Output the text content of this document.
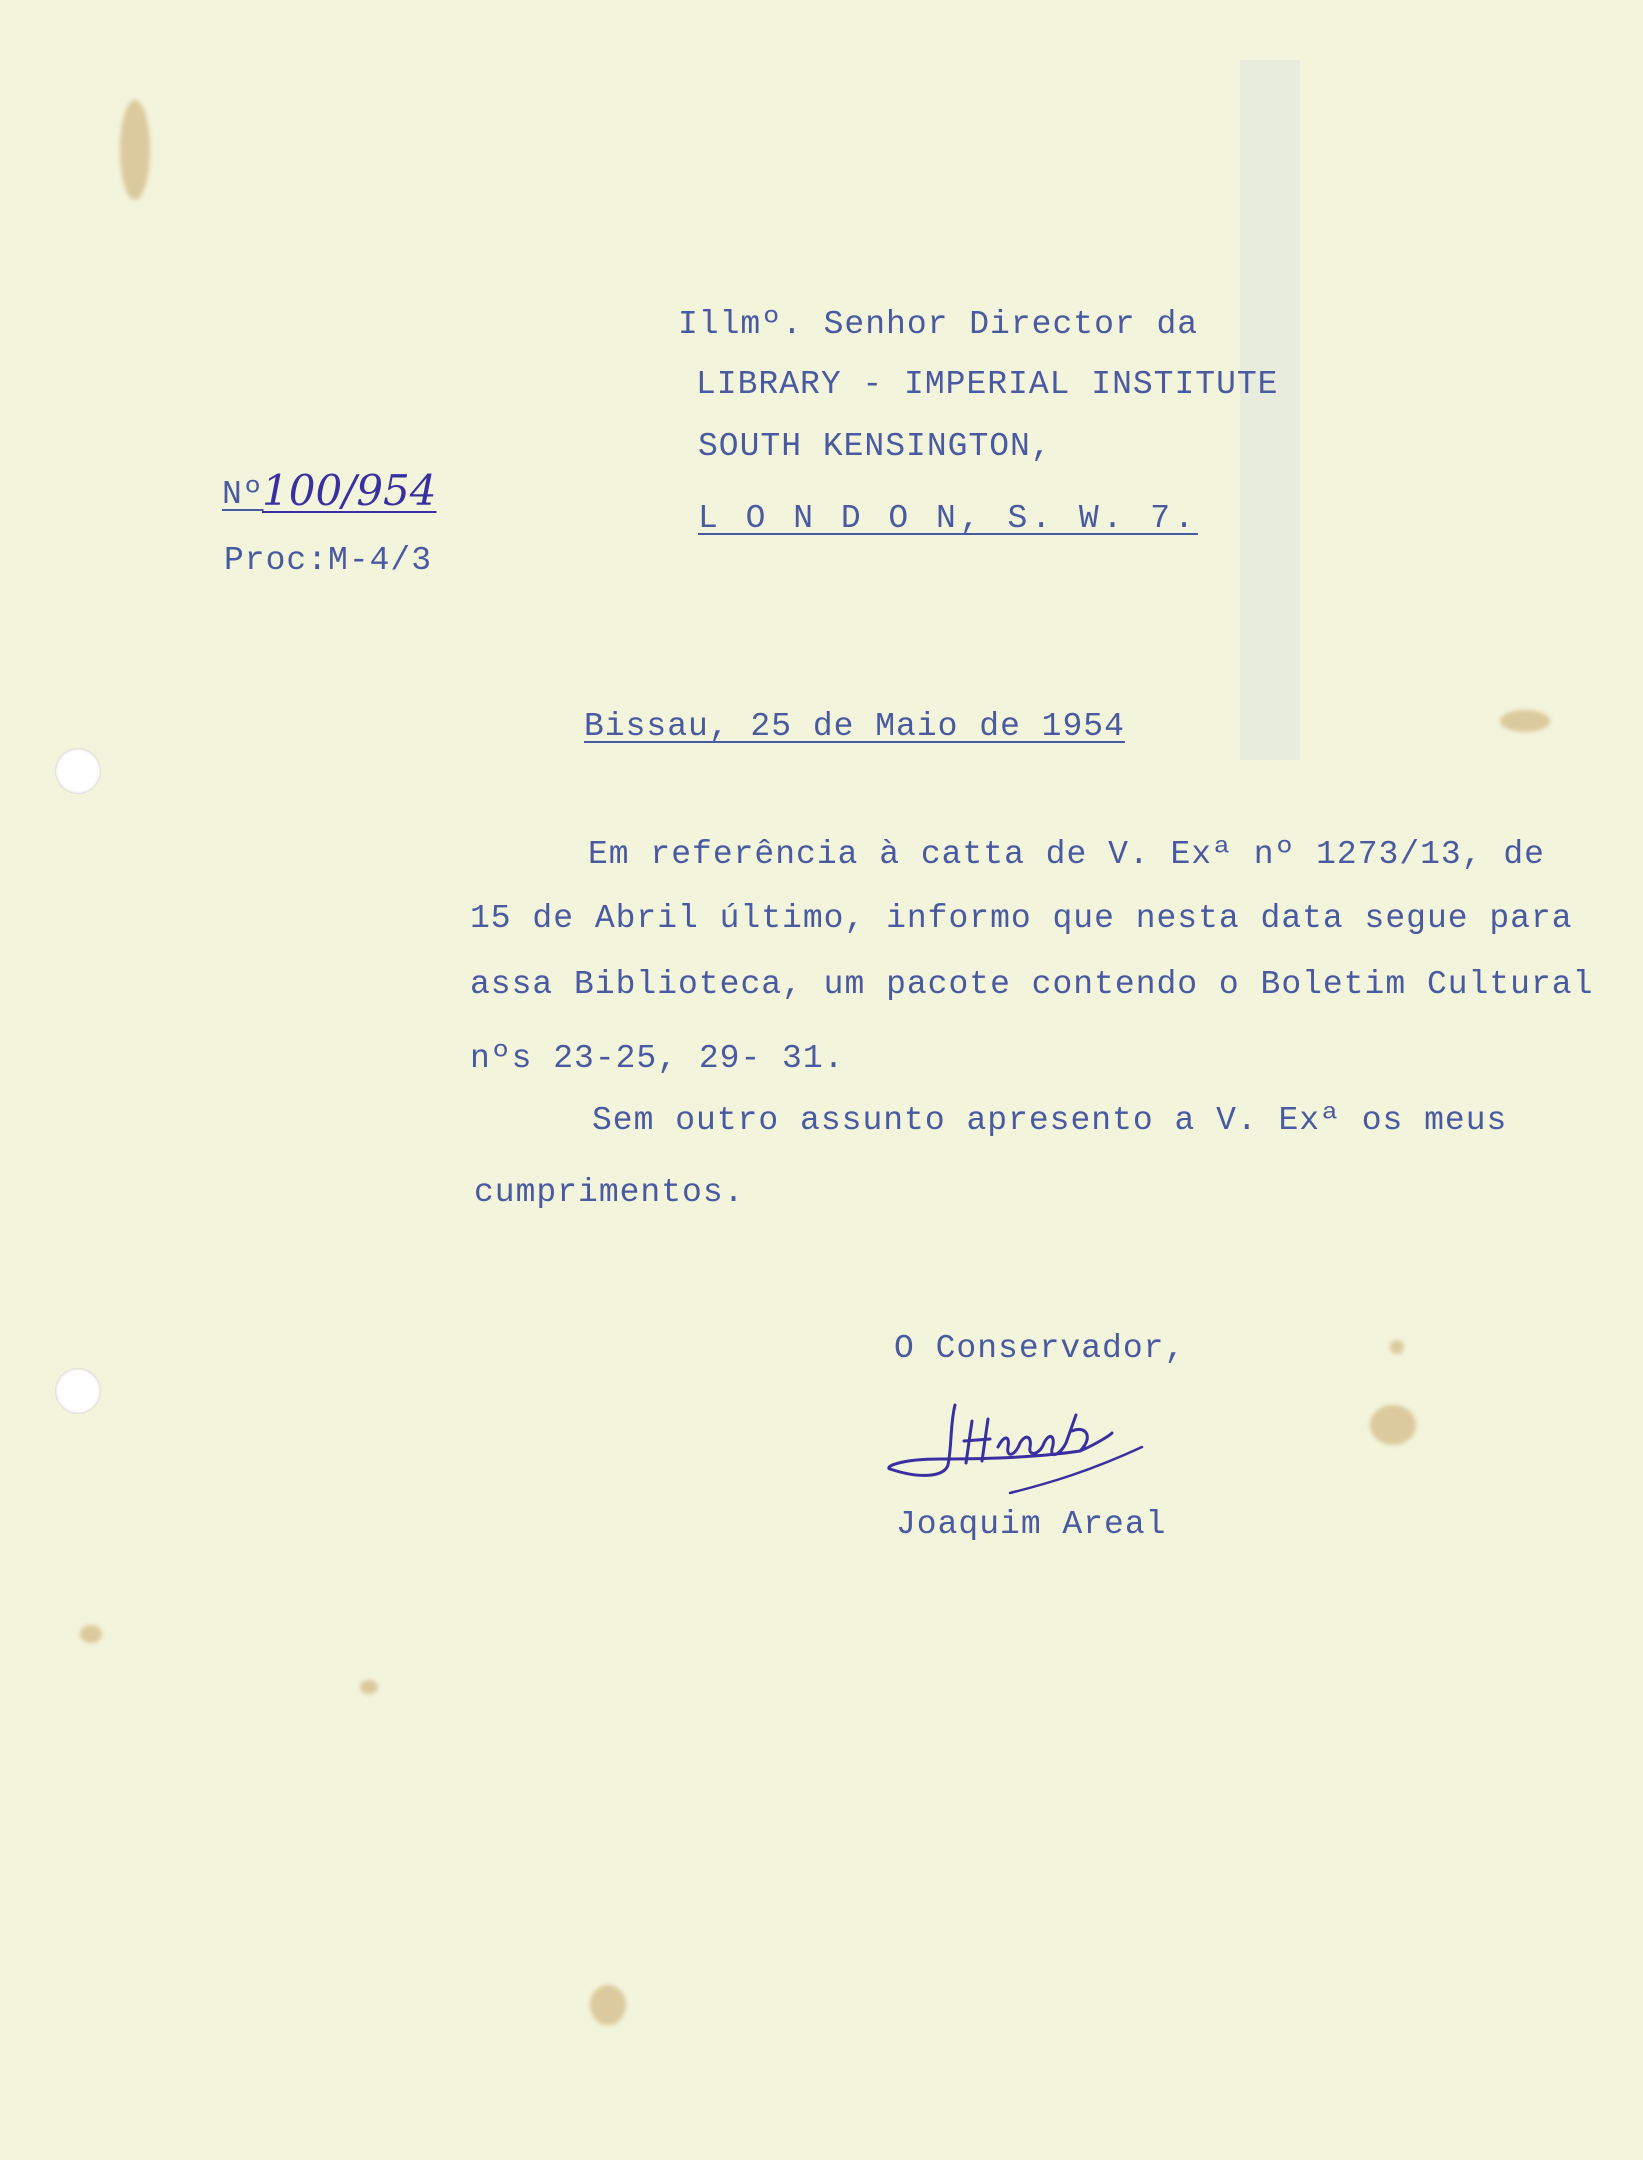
Nº

100/954

Proc:M-4/3

Illmº. Senhor Director da

LIBRARY - IMPERIAL INSTITUTE

SOUTH KENSINGTON,

L O N D O N, S. W. 7.

Bissau, 25 de Maio de 1954

Em referência à catta de V. Exª nº 1273/13, de

15 de Abril último, informo que nesta data segue para

assa Biblioteca, um pacote contendo o Boletim Cultural

nºs 23-25, 29- 31.

Sem outro assunto apresento a V. Exª os meus

cumprimentos.

O Conservador,

Joaquim Areal
